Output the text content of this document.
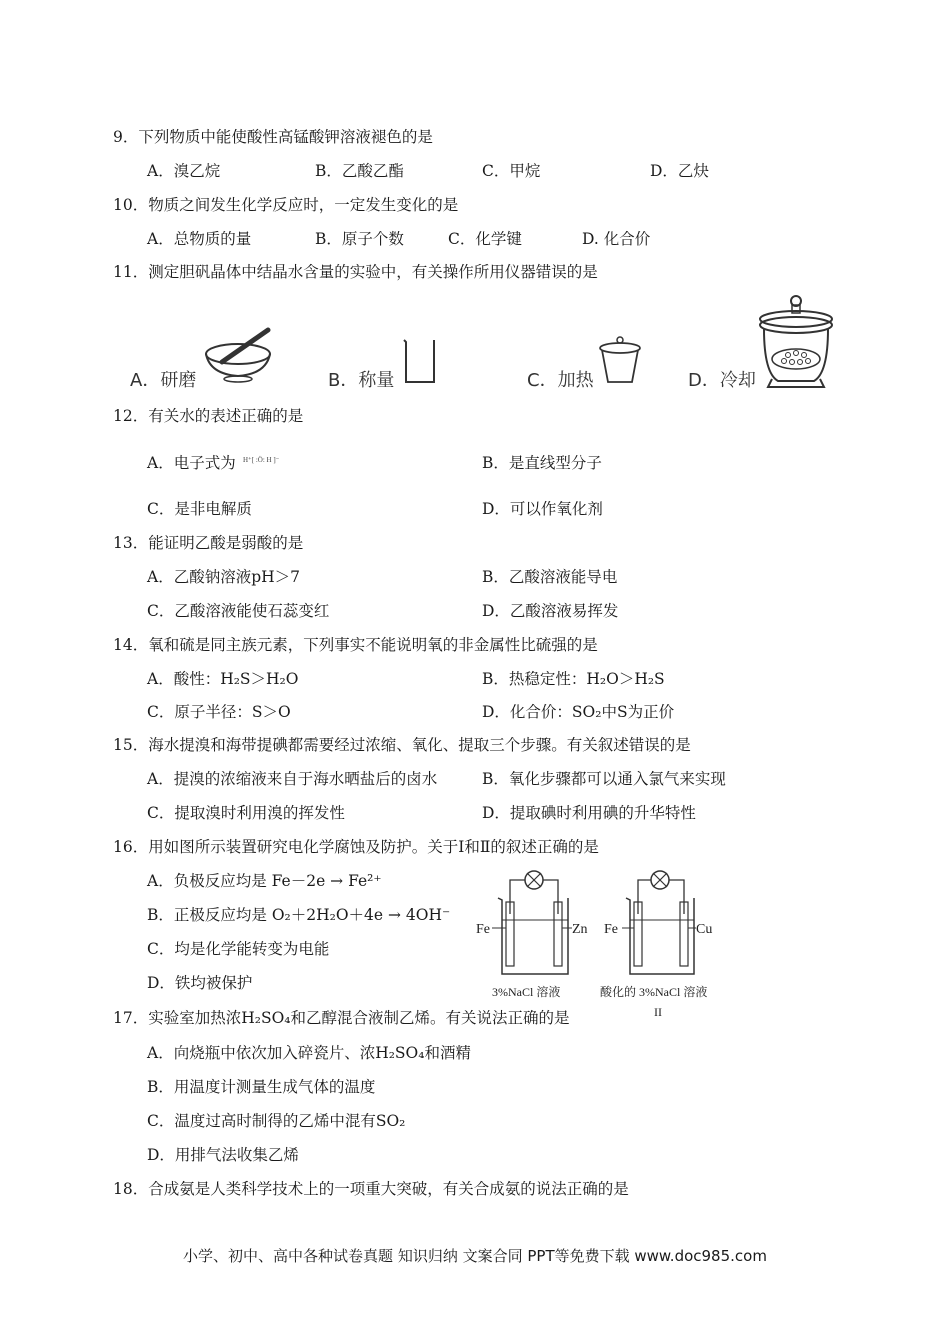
9．下列物质中能使酸性高锰酸钾溶液褪色的是
A．溴乙烷	B．乙酸乙酯	C．甲烷	D．乙炔
10．物质之间发生化学反应时，一定发生变化的是
A．总物质的量	B．原子个数	C．化学键	D. 化合价
11．测定胆矾晶体中结晶水含量的实验中，有关操作所用仪器错误的是
A．研磨	B．称量	C．加热	D．冷却
12．有关水的表述正确的是
A．电子式为 H⁺[ :Ö: H ]⁻	B．是直线型分子
C．是非电解质	D．可以作氧化剂
13．能证明乙酸是弱酸的是
A．乙酸钠溶液pH＞7	B．乙酸溶液能导电
C．乙酸溶液能使石蕊变红	D．乙酸溶液易挥发
14．氧和硫是同主族元素，下列事实不能说明氧的非金属性比硫强的是
A．酸性：H₂S＞H₂O	B．热稳定性：H₂O＞H₂S
C．原子半径：S＞O	D．化合价：SO₂中S为正价
15．海水提溴和海带提碘都需要经过浓缩、氧化、提取三个步骤。有关叙述错误的是
A．提溴的浓缩液来自于海水晒盐后的卤水	B．氧化步骤都可以通入氯气来实现
C．提取溴时利用溴的挥发性	D．提取碘时利用碘的升华特性
16．用如图所示装置研究电化学腐蚀及防护。关于Ⅰ和Ⅱ的叙述正确的是
A．负极反应均是 Fe－2e → Fe²⁺
B．正极反应均是 O₂＋2H₂O＋4e → 4OH⁻
C．均是化学能转变为电能
D．铁均被保护
Fe	Zn
3%NaCl 溶液
Fe	Cu
酸化的 3%NaCl 溶液
II
17．实验室加热浓H₂SO₄和乙醇混合液制乙烯。有关说法正确的是
A．向烧瓶中依次加入碎瓷片、浓H₂SO₄和酒精
B．用温度计测量生成气体的温度
C．温度过高时制得的乙烯中混有SO₂
D．用排气法收集乙烯
18．合成氨是人类科学技术上的一项重大突破，有关合成氨的说法正确的是
小学、初中、高中各种试卷真题 知识归纳 文案合同 PPT等免费下载 www.doc985.com
